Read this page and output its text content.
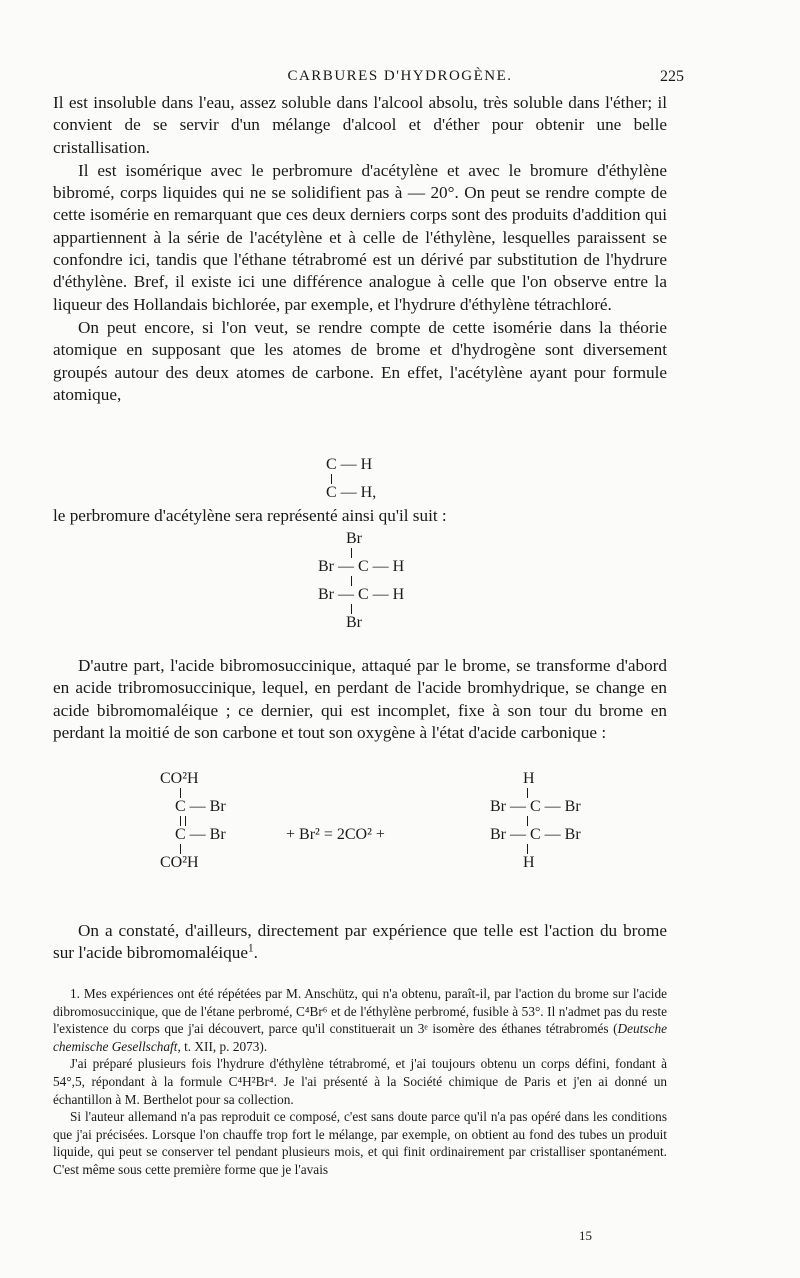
CARBURES D'HYDROGÈNE.	225

Il est insoluble dans l'eau, assez soluble dans l'alcool absolu, très soluble dans l'éther; il convient de se servir d'un mélange d'alcool et d'éther pour obtenir une belle cristallisation.

Il est isomérique avec le perbromure d'acétylène et avec le bromure d'éthylène bibromé, corps liquides qui ne se solidifient pas à — 20°. On peut se rendre compte de cette isomérie en remarquant que ces deux derniers corps sont des produits d'addition qui appartiennent à la série de l'acétylène et à celle de l'éthylène, lesquelles paraissent se confondre ici, tandis que l'éthane tétrabromé est un dérivé par substitution de l'hydrure d'éthylène. Bref, il existe ici une différence analogue à celle que l'on observe entre la liqueur des Hollandais bichlorée, par exemple, et l'hydrure d'éthylène tétrachloré.

On peut encore, si l'on veut, se rendre compte de cette isomérie dans la théorie atomique en supposant que les atomes de brome et d'hydrogène sont diversement groupés autour des deux atomes de carbone. En effet, l'acétylène ayant pour formule atomique,

C — H
C — H,

le perbromure d'acétylène sera représenté ainsi qu'il suit :

Br
Br — C — H
Br — C — H
Br

D'autre part, l'acide bibromosuccinique, attaqué par le brome, se transforme d'abord en acide tribromosuccinique, lequel, en perdant de l'acide bromhydrique, se change en acide bibromomaléique ; ce dernier, qui est incomplet, fixe à son tour du brome en perdant la moitié de son carbone et tout son oxygène à l'état d'acide carbonique :

CO²H
C — Br
C — Br
CO²H
+ Br² = 2CO² +
H
Br — C — Br
Br — C — Br
H

On a constaté, d'ailleurs, directement par expérience que telle est l'action du brome sur l'acide bibromomaléique$^1$.

1. Mes expériences ont été répétées par M. Anschütz, qui n'a obtenu, paraît-il, par l'action du brome sur l'acide dibromosuccinique, que de l'étane perbromé, C⁴Br⁶ et de l'éthylène perbromé, fusible à 53°. Il n'admet pas du reste l'existence du corps que j'ai découvert, parce qu'il constituerait un 3ᵉ isomère des éthanes tétrabromés (Deutsche chemische Gesellschaft, t. XII, p. 2073).

J'ai préparé plusieurs fois l'hydrure d'éthylène tétrabromé, et j'ai toujours obtenu un corps défini, fondant à 54°,5, répondant à la formule C⁴H²Br⁴. Je l'ai présenté à la Société chimique de Paris et j'en ai donné un échantillon à M. Berthelot pour sa collection.

Si l'auteur allemand n'a pas reproduit ce composé, c'est sans doute parce qu'il n'a pas opéré dans les conditions que j'ai précisées. Lorsque l'on chauffe trop fort le mélange, par exemple, on obtient au fond des tubes un produit liquide, qui peut se conserver tel pendant plusieurs mois, et qui finit ordinairement par cristalliser spontanément. C'est même sous cette première forme que je l'avais

15
